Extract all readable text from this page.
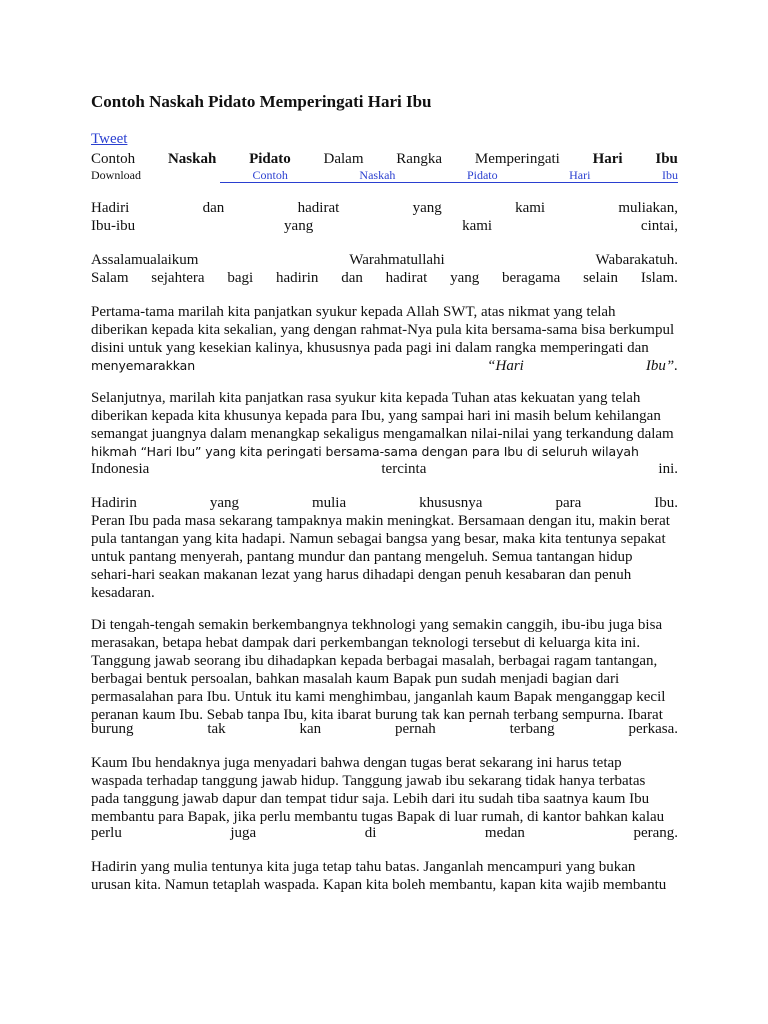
Contoh Naskah Pidato Memperingati Hari Ibu
Tweet
Contoh Naskah Pidato Dalam Rangka Memperingati Hari Ibu
Download	Contoh	Naskah	Pidato	Hari	Ibu
Hadiri	dan	hadirat	yang	kami	muliakan,
Ibu-ibu	yang	kami	cintai,
Assalamualaikum	Warahmatullahi	Wabarakatuh.
Salam sejahtera bagi hadirin dan hadirat yang beragama selain Islam.
Pertama-tama marilah kita panjatkan syukur kepada Allah SWT, atas nikmat yang telah
diberikan kepada kita sekalian, yang dengan rahmat-Nya pula kita bersama-sama bisa berkumpul
disini untuk yang kesekian kalinya, khususnya pada pagi ini dalam rangka memperingati dan
menyemarakkan	“Hari	Ibu”.
Selanjutnya, marilah kita panjatkan rasa syukur kita kepada Tuhan atas kekuatan yang telah
diberikan kepada kita khusunya kepada para Ibu, yang sampai hari ini masih belum kehilangan
semangat juangnya dalam menangkap sekaligus mengamalkan nilai-nilai yang terkandung dalam
hikmah “Hari Ibu” yang kita peringati bersama-sama dengan para Ibu di seluruh wilayah
Indonesia	tercinta	ini.
Hadirin	yang	mulia	khususnya	para	Ibu.
Peran Ibu pada masa sekarang tampaknya makin meningkat. Bersamaan dengan itu, makin berat
pula tantangan yang kita hadapi. Namun sebagai bangsa yang besar, maka kita tentunya sepakat
untuk pantang menyerah, pantang mundur dan pantang mengeluh. Semua tantangan hidup
sehari-hari seakan makanan lezat yang harus dihadapi dengan penuh kesabaran dan penuh
kesadaran.
Di tengah-tengah semakin berkembangnya tekhnologi yang semakin canggih, ibu-ibu juga bisa
merasakan, betapa hebat dampak dari perkembangan teknologi tersebut di keluarga kita ini.
Tanggung jawab seorang ibu dihadapkan kepada berbagai masalah, berbagai ragam tantangan,
berbagai bentuk persoalan, bahkan masalah kaum Bapak pun sudah menjadi bagian dari
permasalahan para Ibu. Untuk itu kami menghimbau, janganlah kaum Bapak menganggap kecil
peranan kaum Ibu. Sebab tanpa Ibu, kita ibarat burung tak kan pernah terbang sempurna. Ibarat
burung	tak	kan	pernah	terbang	perkasa.
Kaum Ibu hendaknya juga menyadari bahwa dengan tugas berat sekarang ini harus tetap
waspada terhadap tanggung jawab hidup. Tanggung jawab ibu sekarang tidak hanya terbatas
pada tanggung jawab dapur dan tempat tidur saja. Lebih dari itu sudah tiba saatnya kaum Ibu
membantu para Bapak, jika perlu membantu tugas Bapak di luar rumah, di kantor bahkan kalau
perlu	juga	di	medan	perang.
Hadirin yang mulia tentunya kita juga tetap tahu batas. Janganlah mencampuri yang bukan
urusan kita. Namun tetaplah waspada. Kapan kita boleh membantu, kapan kita wajib membantu
